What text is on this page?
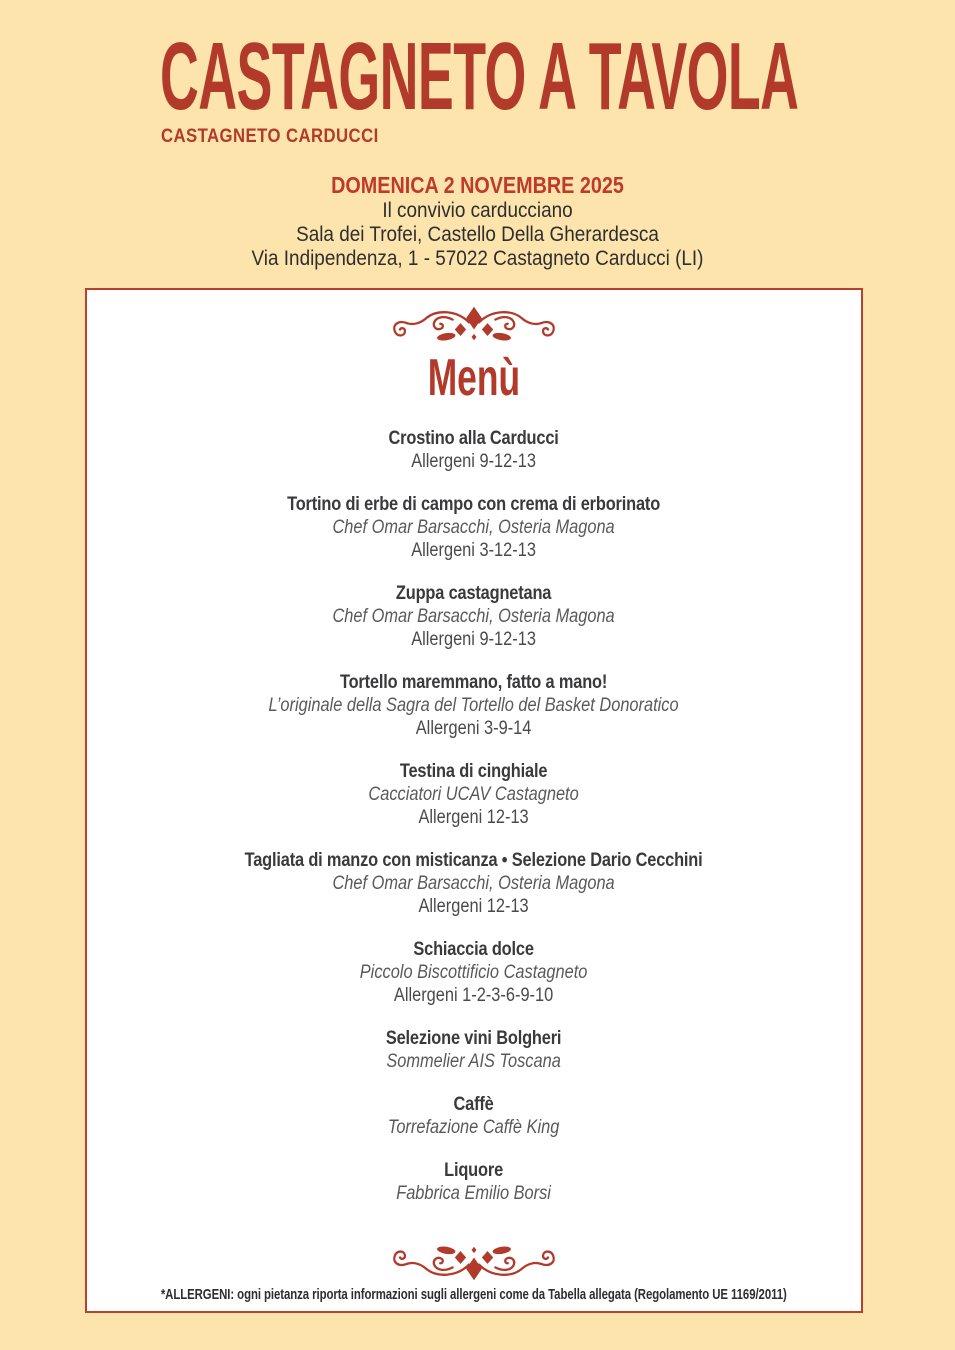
CASTAGNETO A TAVOLA
CASTAGNETO CARDUCCI
DOMENICA 2 NOVEMBRE 2025
Il convivio carducciano
Sala dei Trofei, Castello Della Gherardesca
Via Indipendenza, 1 - 57022 Castagneto Carducci (LI)
Menù
Crostino alla Carducci
Allergeni 9-12-13
Tortino di erbe di campo con crema di erborinato
Chef Omar Barsacchi, Osteria Magona
Allergeni 3-12-13
Zuppa castagnetana
Chef Omar Barsacchi, Osteria Magona
Allergeni 9-12-13
Tortello maremmano, fatto a mano!
L’originale della Sagra del Tortello del Basket Donoratico
Allergeni 3-9-14
Testina di cinghiale
Cacciatori UCAV Castagneto
Allergeni 12-13
Tagliata di manzo con misticanza • Selezione Dario Cecchini
Chef Omar Barsacchi, Osteria Magona
Allergeni 12-13
Schiaccia dolce
Piccolo Biscottificio Castagneto
Allergeni 1-2-3-6-9-10
Selezione vini Bolgheri
Sommelier AIS Toscana
Caffè
Torrefazione Caffè King
Liquore
Fabbrica Emilio Borsi
*ALLERGENI: ogni pietanza riporta informazioni sugli allergeni come da Tabella allegata (Regolamento UE 1169/2011)
